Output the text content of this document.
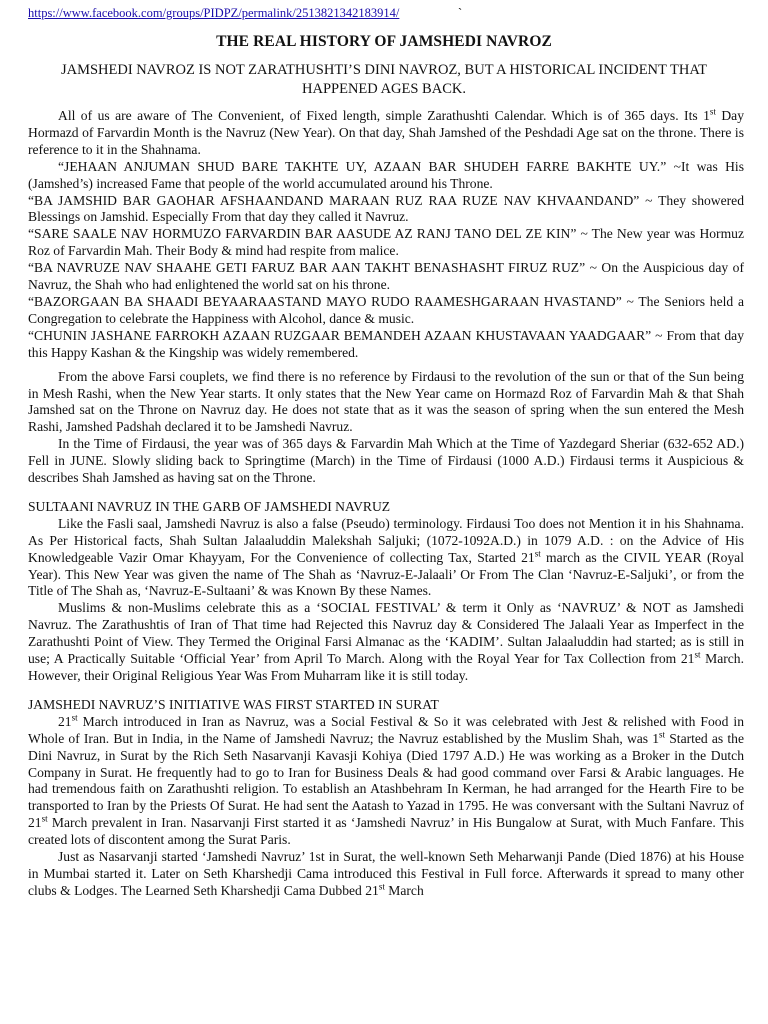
https://www.facebook.com/groups/PIDPZ/permalink/2513821342183914/	`
THE REAL HISTORY OF JAMSHEDI NAVROZ
JAMSHEDI NAVROZ IS NOT ZARATHUSHTI’S DINI NAVROZ, BUT A HISTORICAL INCIDENT THAT HAPPENED AGES BACK.

All of us are aware of The Convenient, of Fixed length, simple Zarathushti Calendar. Which is of 365 days. Its 1st Day Hormazd of Farvardin Month is the Navruz (New Year). On that day, Shah Jamshed of the Peshdadi Age sat on the throne. There is reference to it in the Shahnama.

“JEHAAN ANJUMAN SHUD BARE TAKHTE UY, AZAAN BAR SHUDEH FARRE BAKHTE UY.” ~It was His (Jamshed’s) increased Fame that people of the world accumulated around his Throne.

“BA JAMSHID BAR GAOHAR AFSHAANDAND MARAAN RUZ RAA RUZE NAV KHVAANDAND” ~ They showered Blessings on Jamshid. Especially From that day they called it Navruz.

“SARE SAALE NAV HORMUZO FARVARDIN BAR AASUDE AZ RANJ TANO DEL ZE KIN” ~ The New year was Hormuz Roz of Farvardin Mah. Their Body & mind had respite from malice.

“BA NAVRUZE NAV SHAAHE GETI FARUZ BAR AAN TAKHT BENASHASHT FIRUZ RUZ” ~ On the Auspicious day of Navruz, the Shah who had enlightened the world sat on his throne.

“BAZORGAAN BA SHAADI BEYAARAASTAND MAYO RUDO RAAMESHGARAAN HVASTAND” ~ The Seniors held a Congregation to celebrate the Happiness with Alcohol, dance & music.

“CHUNIN JASHANE FARROKH AZAAN RUZGAAR BEMANDEH AZAAN KHUSTAVAAN YAADGAAR” ~ From that day this Happy Kashan & the Kingship was widely remembered.

From the above Farsi couplets, we find there is no reference by Firdausi to the revolution of the sun or that of the Sun being in Mesh Rashi, when the New Year starts. It only states that the New Year came on Hormazd Roz of Farvardin Mah & that Shah Jamshed sat on the Throne on Navruz day. He does not state that as it was the season of spring when the sun entered the Mesh Rashi, Jamshed Padshah declared it to be Jamshedi Navruz.

In the Time of Firdausi, the year was of 365 days & Farvardin Mah Which at the Time of Yazdegard Sheriar (632-652 AD.) Fell in JUNE. Slowly sliding back to Springtime (March) in the Time of Firdausi (1000 A.D.) Firdausi terms it Auspicious & describes Shah Jamshed as having sat on the Throne.

SULTAANI NAVRUZ IN THE GARB OF JAMSHEDI NAVRUZ

Like the Fasli saal, Jamshedi Navruz is also a false (Pseudo) terminology. Firdausi Too does not Mention it in his Shahnama. As Per Historical facts, Shah Sultan Jalaaluddin Malekshah Saljuki; (1072-1092A.D.) in 1079 A.D. : on the Advice of His Knowledgeable Vazir Omar Khayyam, For the Convenience of collecting Tax, Started 21st march as the CIVIL YEAR (Royal Year). This New Year was given the name of The Shah as ‘Navruz-E-Jalaali’ Or From The Clan ‘Navruz-E-Saljuki’, or from the Title of The Shah as, ‘Navruz-E-Sultaani’ & was Known By these Names.

Muslims & non-Muslims celebrate this as a ‘SOCIAL FESTIVAL’ & term it Only as ‘NAVRUZ’ & NOT as Jamshedi Navruz. The Zarathushtis of Iran of That time had Rejected this Navruz day & Considered The Jalaali Year as Imperfect in the Zarathushti Point of View. They Termed the Original Farsi Almanac as the ‘KADIM’. Sultan Jalaaluddin had started; as is still in use; A Practically Suitable ‘Official Year’ from April To March. Along with the Royal Year for Tax Collection from 21st March. However, their Original Religious Year Was From Muharram like it is still today.

JAMSHEDI NAVRUZ’S INITIATIVE WAS FIRST STARTED IN SURAT

21st March introduced in Iran as Navruz, was a Social Festival & So it was celebrated with Jest & relished with Food in Whole of Iran. But in India, in the Name of Jamshedi Navruz; the Navruz established by the Muslim Shah, was 1st Started as the Dini Navruz, in Surat by the Rich Seth Nasarvanji Kavasji Kohiya (Died 1797 A.D.) He was working as a Broker in the Dutch Company in Surat. He frequently had to go to Iran for Business Deals & had good command over Farsi & Arabic languages. He had tremendous faith on Zarathushti religion. To establish an Atashbehram In Kerman, he had arranged for the Hearth Fire to be transported to Iran by the Priests Of Surat. He had sent the Aatash to Yazad in 1795. He was conversant with the Sultani Navruz of 21st March prevalent in Iran. Nasarvanji First started it as ‘Jamshedi Navruz’ in His Bungalow at Surat, with Much Fanfare. This created lots of discontent among the Surat Paris.

Just as Nasarvanji started ‘Jamshedi Navruz’ 1st in Surat, the well-known Seth Meharwanji Pande (Died 1876) at his House in Mumbai started it. Later on Seth Kharshedji Cama introduced this Festival in Full force. Afterwards it spread to many other clubs & Lodges. The Learned Seth Kharshedji Cama Dubbed 21st March
